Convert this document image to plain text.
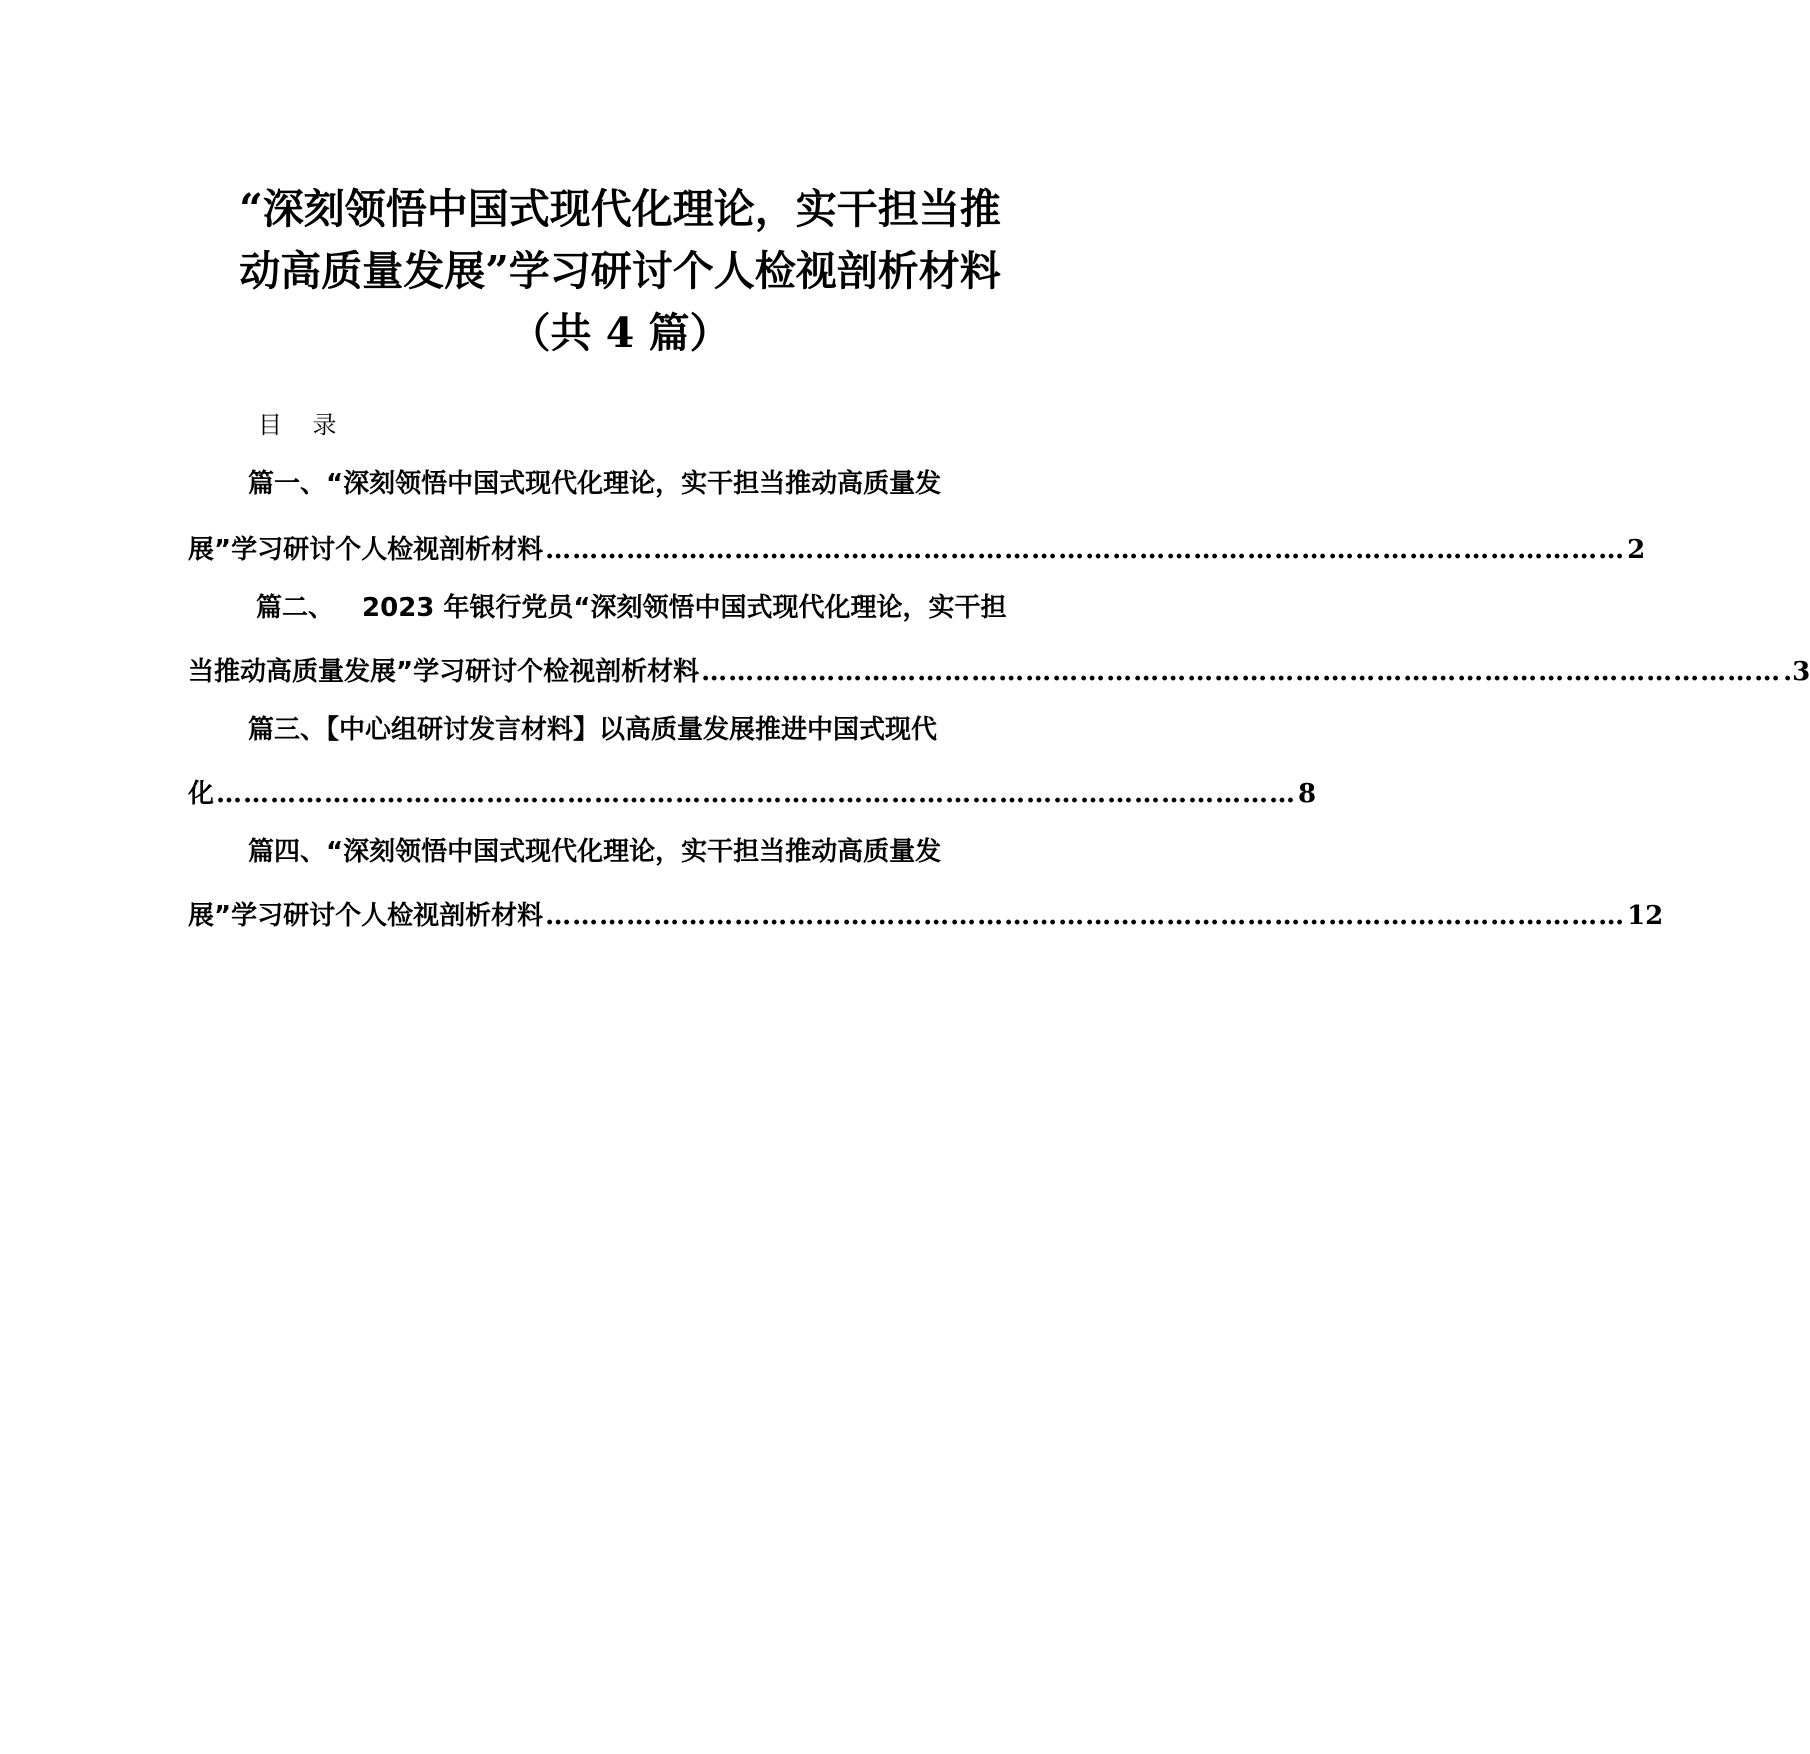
“深刻领悟中国式现代化理论，实干担当推
动高质量发展”学习研讨个人检视剖析材料
（共 4 篇）
目    录
篇一、“深刻领悟中国式现代化理论，实干担当推动高质量发
展”学习研讨个人检视剖析材料 ………………………………………………………………………………………………………… 2
篇二、 2023 年银行党员“深刻领悟中国式现代化理论，实干担
当推动高质量发展”学习研讨个检视剖析材料 ………………………………………………………………………………………………………… .3
篇三、【中心组研讨发言材料】以高质量发展推进中国式现代
化 ………………………………………………………………………………………………………… 8
篇四、“深刻领悟中国式现代化理论，实干担当推动高质量发
展”学习研讨个人检视剖析材料 ………………………………………………………………………………………………………… 12
